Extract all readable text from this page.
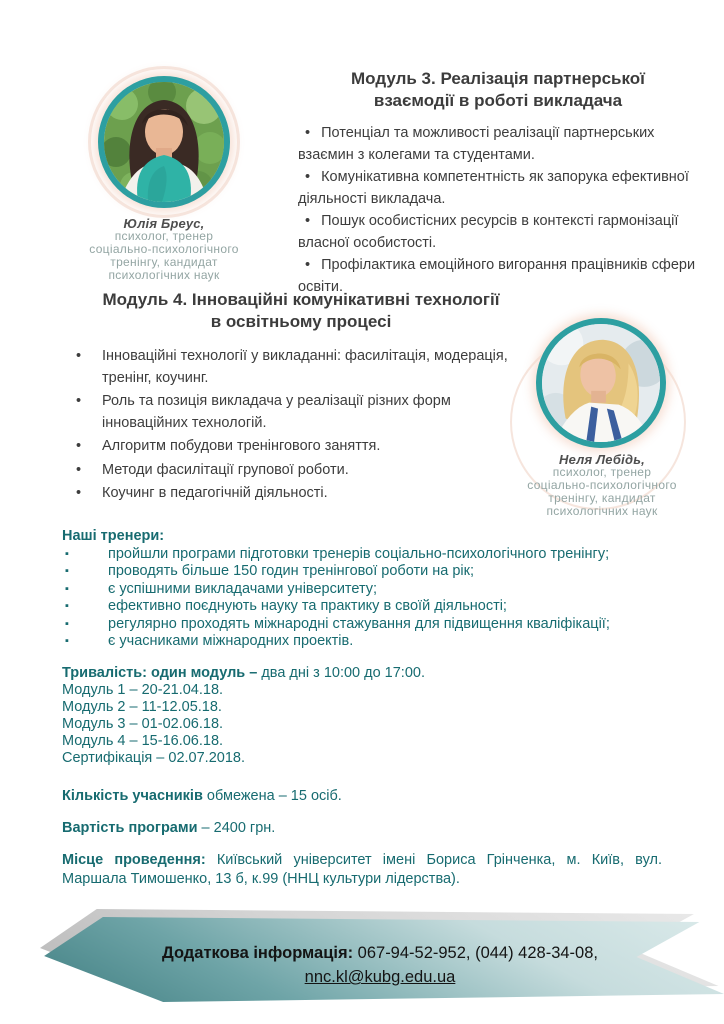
Юлія Бреус,
психолог, тренер
соціально-психологічного
тренінгу, кандидат
психологічних наук
Модуль 3. Реалізація партнерської
взаємодії в роботі викладача

• Потенціал та можливості реалізації партнерських взаємин з колегами та студентами.

• Комунікативна компетентність як запорука ефективної діяльності викладача.

• Пошук особистісних ресурсів в контексті гармонізації власної особистості.

• Профілактика емоційного вигорання працівників сфери освіти.

Модуль 4. Інноваційні комунікативні технології
в освітньому процесі

• Інноваційні технології у викладанні: фасилітація, модерація, тренінг, коучинг.

• Роль та позиція викладача у реалізації різних форм інноваційних технологій.

• Алгоритм побудови тренінгового заняття.

• Методи фасилітації групової роботи.

• Коучинг в педагогічній діяльності.

Неля Лебідь,
психолог, тренер
соціально-психологічного
тренінгу, кандидат
психологічних наук
Наші тренери:
▪ пройшли програми підготовки тренерів соціально-психологічного тренінгу;
▪ проводять більше 150 годин тренінгової роботи на рік;
▪ є успішними викладачами університету;
▪ ефективно поєднують науку та практику в своїй діяльності;
▪ регулярно проходять міжнародні стажування для підвищення кваліфікації;
▪ є учасниками міжнародних проектів.
Тривалість: один модуль – два дні з 10:00 до 17:00.
Модуль 1 – 20-21.04.18.
Модуль 2 – 11-12.05.18.
Модуль 3 – 01-02.06.18.
Модуль 4 – 15-16.06.18.
Сертифікація – 02.07.2018.
Кількість учасників обмежена – 15 осіб.
Вартість програми – 2400 грн.
Місце проведення: Київський університет імені Бориса Грінченка, м. Київ, вул. Маршала Тимошенко, 13 б, к.99 (ННЦ культури лідерства).
Додаткова інформація: 067-94-52-952, (044) 428-34-08,
nnc.kl@kubg.edu.ua
